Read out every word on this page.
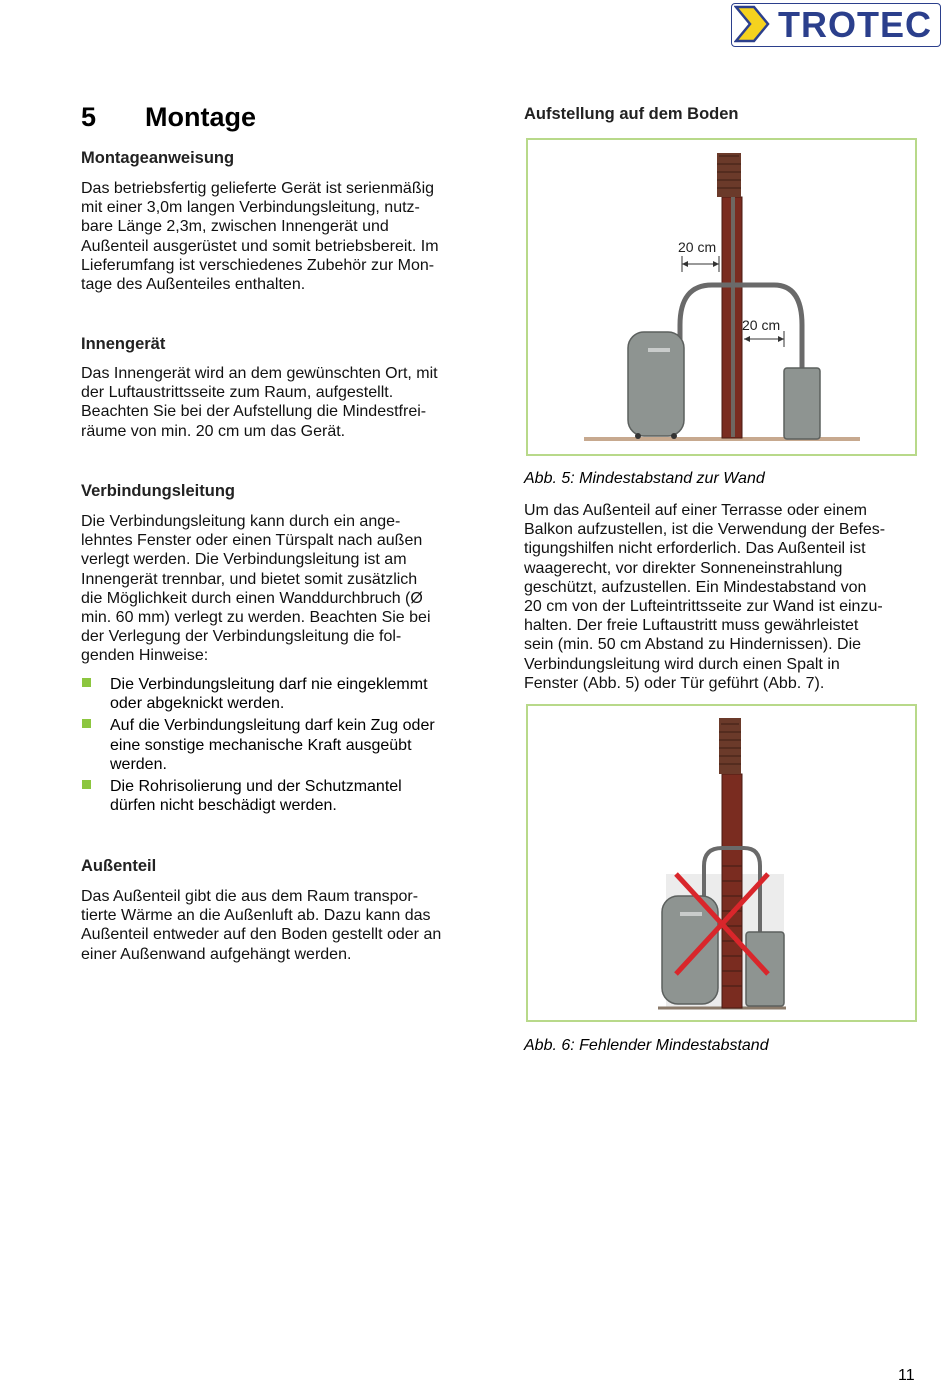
TROTEC
5 Montage
Montageanweisung
Das betriebsfertig gelieferte Gerät ist serienmäßig
mit einer 3,0m langen Verbindungsleitung, nutz-
bare Länge 2,3m, zwischen Innengerät und
Außenteil ausgerüstet und somit betriebsbereit. Im
Lieferumfang ist verschiedenes Zubehör zur Mon-
tage des Außenteiles enthalten.
Innengerät
Das Innengerät wird an dem gewünschten Ort, mit
der Luftaustrittsseite zum Raum, aufgestellt.
Beachten Sie bei der Aufstellung die Mindestfrei-
räume von min. 20 cm um das Gerät.
Verbindungsleitung
Die Verbindungsleitung kann durch ein ange-
lehntes Fenster oder einen Türspalt nach außen
verlegt werden. Die Verbindungsleitung ist am
Innengerät trennbar, und bietet somit zusätzlich
die Möglichkeit durch einen Wanddurchbruch (Ø
min. 60 mm) verlegt zu werden. Beachten Sie bei
der Verlegung der Verbindungsleitung die fol-
genden Hinweise:
Die Verbindungsleitung darf nie eingeklemmt
oder abgeknickt werden.
Auf die Verbindungsleitung darf kein Zug oder
eine sonstige mechanische Kraft ausgeübt
werden.
Die Rohrisolierung und der Schutzmantel
dürfen nicht beschädigt werden.
Außenteil
Das Außenteil gibt die aus dem Raum transpor-
tierte Wärme an die Außenluft ab. Dazu kann das
Außenteil entweder auf den Boden gestellt oder an
einer Außenwand aufgehängt werden.
Aufstellung auf dem Boden
20 cm
20 cm
Abb. 5: Mindestabstand zur Wand
Um das Außenteil auf einer Terrasse oder einem
Balkon aufzustellen, ist die Verwendung der Befes-
tigungshilfen nicht erforderlich. Das Außenteil ist
waagerecht, vor direkter Sonneneinstrahlung
geschützt, aufzustellen. Ein Mindestabstand von
20 cm von der Lufteintrittsseite zur Wand ist einzu-
halten. Der freie Luftaustritt muss gewährleistet
sein (min. 50 cm Abstand zu Hindernissen). Die
Verbindungsleitung wird durch einen Spalt in
Fenster (Abb. 5) oder Tür geführt (Abb. 7).
Abb. 6: Fehlender Mindestabstand
11
